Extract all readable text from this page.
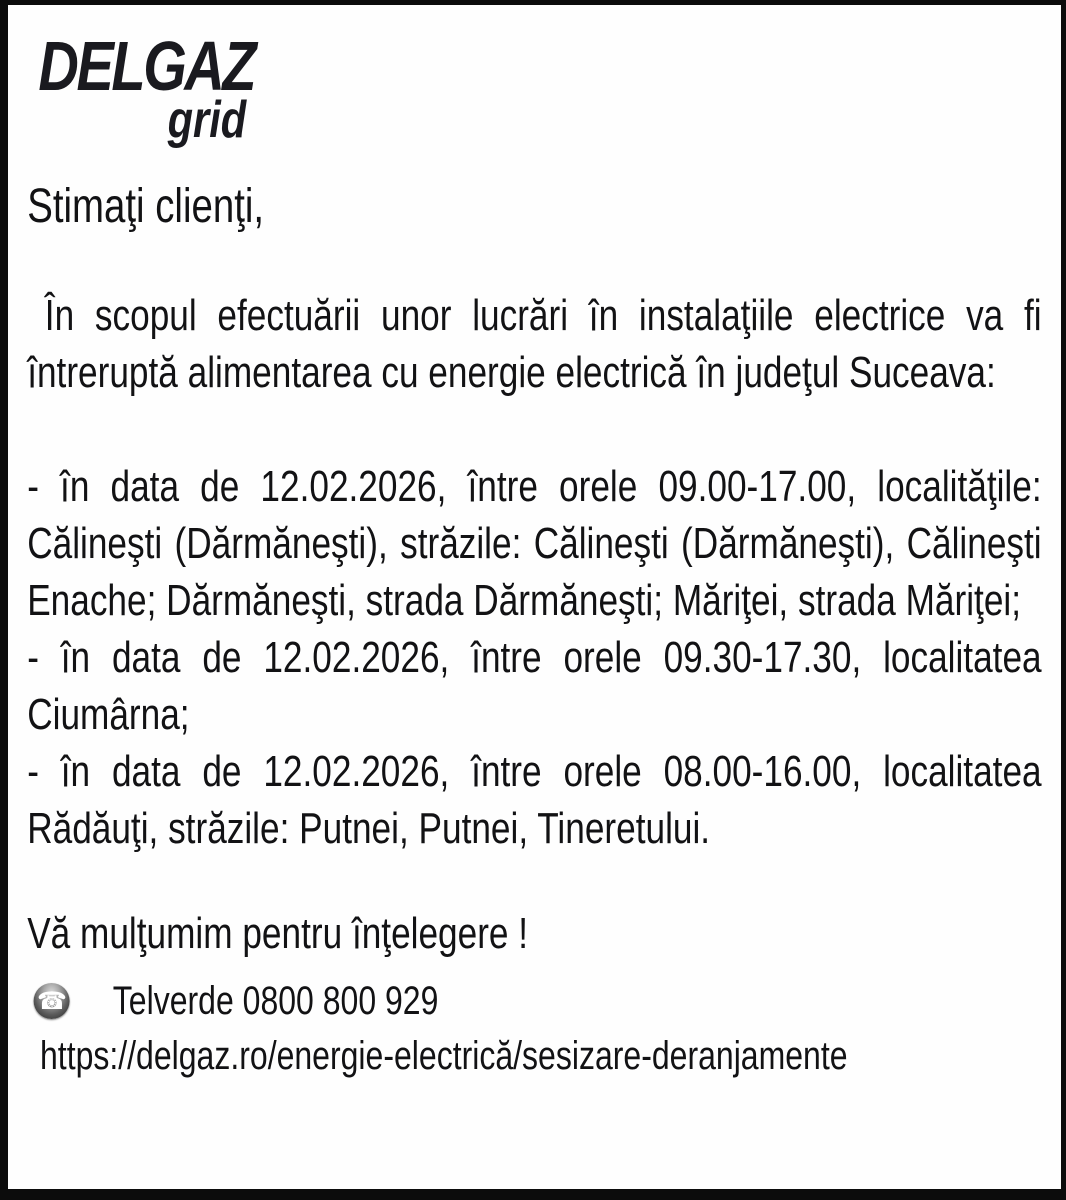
DELGAZ
grid
Stimaţi clienţi,

În scopul efectuării unor lucrări în instalaţiile electrice va fi întreruptă alimentarea cu energie electrică în judeţul Suceava:

- în data de 12.02.2026, între orele 09.00-17.00, localităţile: Călineşti (Dărmăneşti), străzile: Călineşti (Dărmăneşti), Călineşti Enache; Dărmăneşti, strada Dărmăneşti; Măriţei, strada Măriţei;

- în data de 12.02.2026, între orele 09.30-17.30, localitatea Ciumârna;

- în data de 12.02.2026, între orele 08.00-16.00, localitatea Rădăuţi, străzile: Putnei, Putnei, Tineretului.

Vă mulţumim pentru înţelegere !
☎ Telverde 0800 800 929
https://delgaz.ro/energie-electrică/sesizare-deranjamente
